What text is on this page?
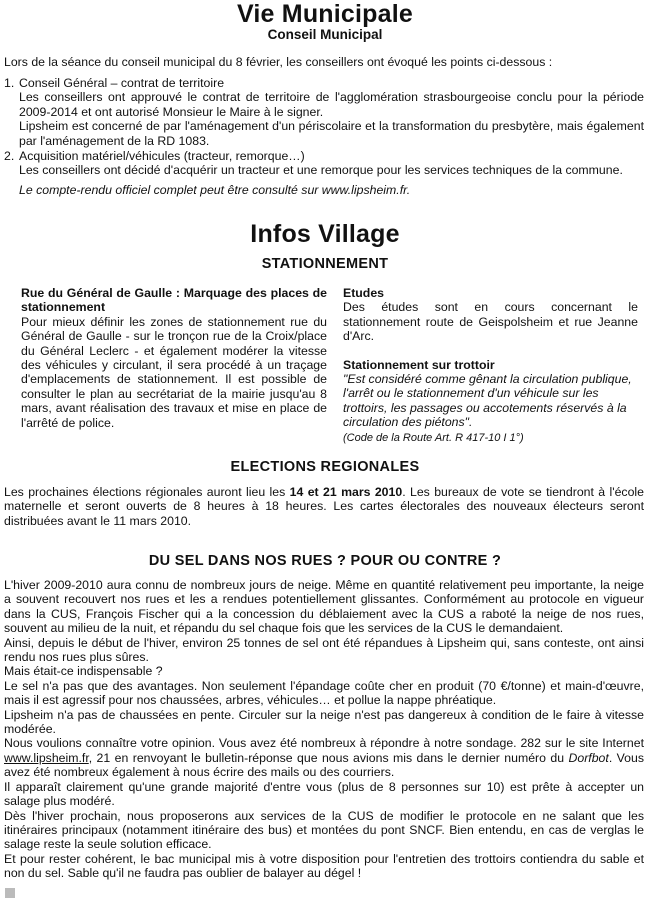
Vie Municipale
Conseil Municipal
Lors de la séance du conseil municipal du 8 février, les conseillers ont évoqué les points ci-dessous :
1. Conseil Général – contrat de territoire
Les conseillers ont approuvé le contrat de territoire de l'agglomération strasbourgeoise conclu pour la période 2009-2014 et ont autorisé Monsieur le Maire à le signer.
Lipsheim est concerné de par l'aménagement d'un périscolaire et la transformation du presbytère, mais également par l'aménagement de la RD 1083.
2. Acquisition matériel/véhicules (tracteur, remorque…)
Les conseillers ont décidé d'acquérir un tracteur et une remorque pour les services techniques de la commune.
Le compte-rendu officiel complet peut être consulté sur www.lipsheim.fr.
Infos Village
STATIONNEMENT
Rue du Général de Gaulle : Marquage des places de stationnement
Pour mieux définir les zones de stationnement rue du Général de Gaulle - sur le tronçon rue de la Croix/place du Général Leclerc - et également modérer la vitesse des véhicules y circulant, il sera procédé à un traçage d'emplacements de stationnement. Il est possible de consulter le plan au secrétariat de la mairie jusqu'au 8 mars, avant réalisation des travaux et mise en place de l'arrêté de police.
Etudes
Des études sont en cours concernant le stationnement route de Geispolsheim et rue Jeanne d'Arc.
Stationnement sur trottoir
"Est considéré comme gênant la circulation publique, l'arrêt ou le stationnement d'un véhicule sur les trottoirs, les passages ou accotements réservés à la circulation des piétons".
(Code de la Route Art. R 417-10 I 1°)
ELECTIONS REGIONALES
Les prochaines élections régionales auront lieu les 14 et 21 mars 2010. Les bureaux de vote se tiendront à l'école maternelle et seront ouverts de 8 heures à 18 heures. Les cartes électorales des nouveaux électeurs seront distribuées avant le 11 mars 2010.
DU SEL DANS NOS RUES ? POUR OU CONTRE ?
L'hiver 2009-2010 aura connu de nombreux jours de neige. Même en quantité relativement peu importante, la neige a souvent recouvert nos rues et les a rendues potentiellement glissantes. Conformément au protocole en vigueur dans la CUS, François Fischer qui a la concession du déblaiement avec la CUS a raboté la neige de nos rues, souvent au milieu de la nuit, et répandu du sel chaque fois que les services de la CUS le demandaient.
Ainsi, depuis le début de l'hiver, environ 25 tonnes de sel ont été répandues à Lipsheim qui, sans conteste, ont ainsi rendu nos rues plus sûres.
Mais était-ce indispensable ?
Le sel n'a pas que des avantages. Non seulement l'épandage coûte cher en produit (70 €/tonne) et main-d'œuvre, mais il est agressif pour nos chaussées, arbres, véhicules… et pollue la nappe phréatique.
Lipsheim n'a pas de chaussées en pente. Circuler sur la neige n'est pas dangereux à condition de le faire à vitesse modérée.
Nous voulions connaître votre opinion. Vous avez été nombreux à répondre à notre sondage. 282 sur le site Internet www.lipsheim.fr, 21 en renvoyant le bulletin-réponse que nous avions mis dans le dernier numéro du Dorfbot. Vous avez été nombreux également à nous écrire des mails ou des courriers.
Il apparaît clairement qu'une grande majorité d'entre vous (plus de 8 personnes sur 10) est prête à accepter un salage plus modéré.
Dès l'hiver prochain, nous proposerons aux services de la CUS de modifier le protocole en ne salant que les itinéraires principaux (notamment itinéraire des bus) et montées du pont SNCF. Bien entendu, en cas de verglas le salage reste la seule solution efficace.
Et pour rester cohérent, le bac municipal mis à votre disposition pour l'entretien des trottoirs contiendra du sable et non du sel. Sable qu'il ne faudra pas oublier de balayer au dégel !
